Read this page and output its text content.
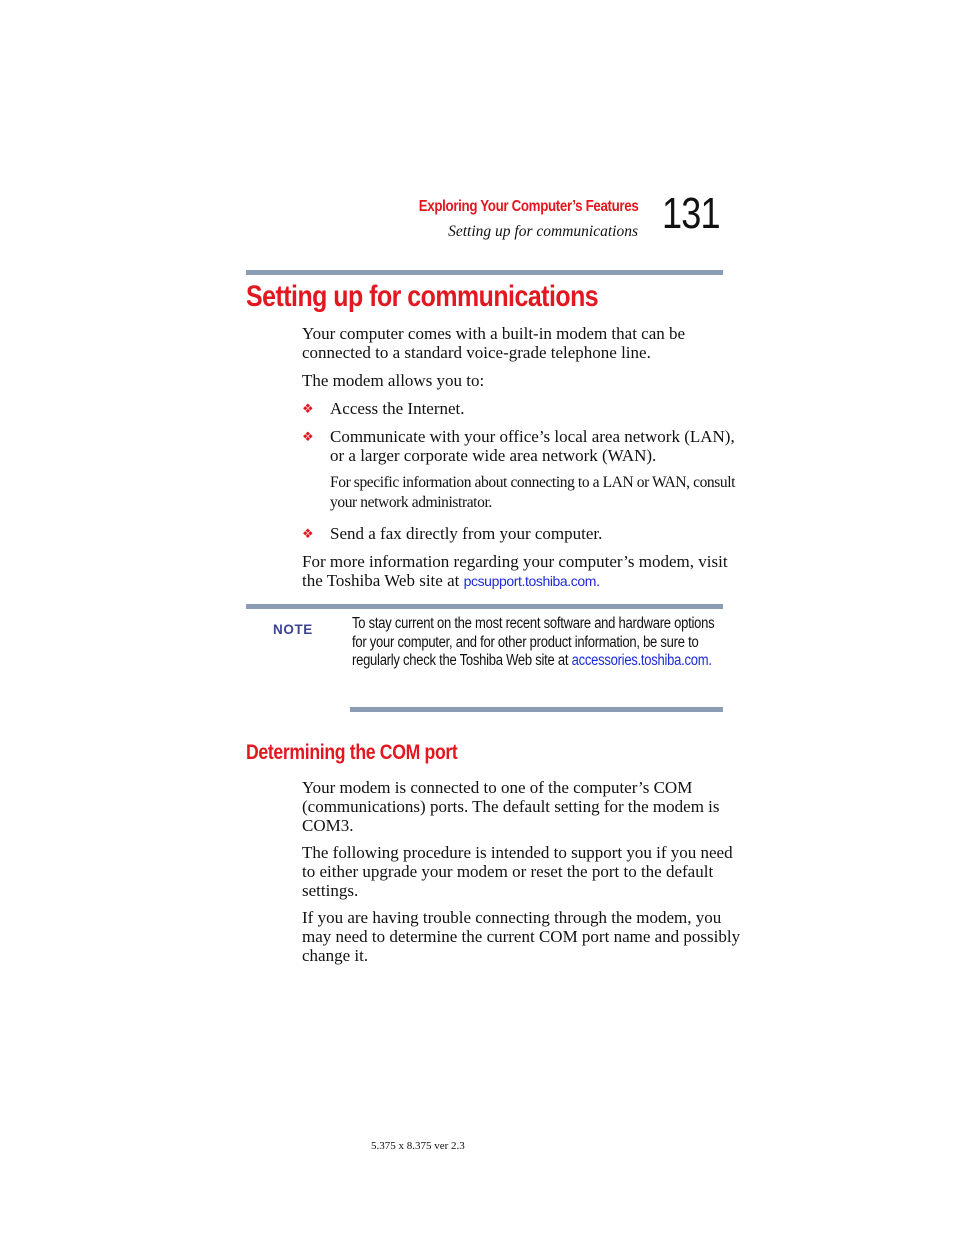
Exploring Your Computer’s Features
Setting up for communications 131
Setting up for communications
Your computer comes with a built-in modem that can be connected to a standard voice-grade telephone line.
The modem allows you to:
❖ Access the Internet.
❖ Communicate with your office’s local area network (LAN), or a larger corporate wide area network (WAN).
For specific information about connecting to a LAN or WAN, consult your network administrator.
❖ Send a fax directly from your computer.
For more information regarding your computer’s modem, visit the Toshiba Web site at pcsupport.toshiba.com.
NOTE	To stay current on the most recent software and hardware options for your computer, and for other product information, be sure to regularly check the Toshiba Web site at accessories.toshiba.com.
Determining the COM port
Your modem is connected to one of the computer’s COM (communications) ports. The default setting for the modem is COM3.
The following procedure is intended to support you if you need to either upgrade your modem or reset the port to the default settings.
If you are having trouble connecting through the modem, you may need to determine the current COM port name and possibly change it.
5.375 x 8.375 ver 2.3
